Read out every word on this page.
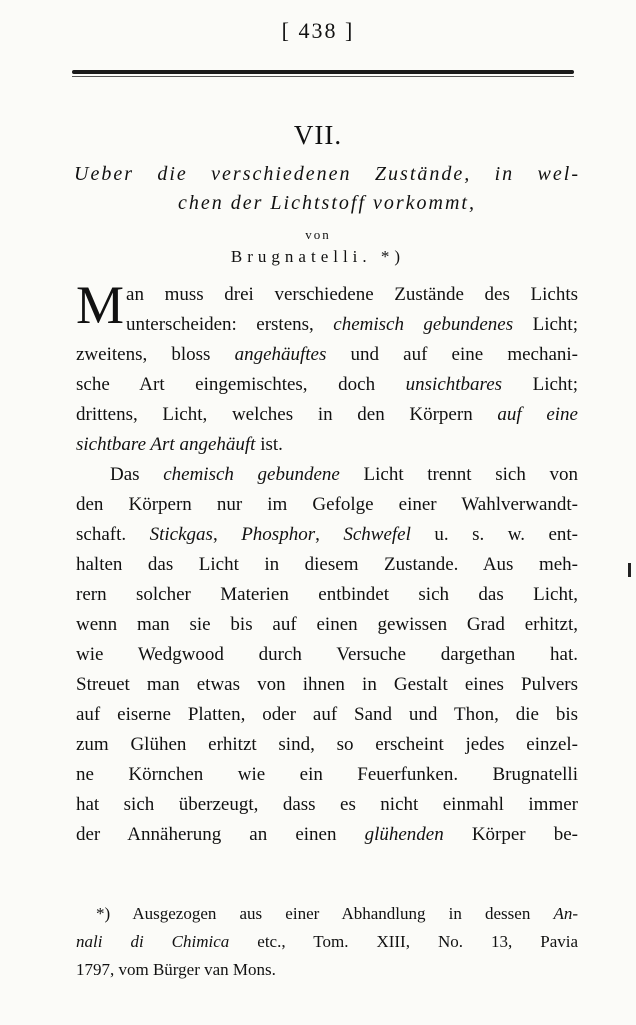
[ 438 ]
VII.
Ueber die verschiedenen Zustände, in wel-
chen der Lichtstoff vorkommt,
von
Brugnatelli. *)
M an muss drei verschiedene Zustände des Lichts
unterscheiden: erstens, chemisch gebundenes Licht;
zweitens, bloss angehäuftes und auf eine mechani-
sche Art eingemischtes, doch unsichtbares Licht;
drittens, Licht, welches in den Körpern auf eine
sichtbare Art angehäuft ist.
Das chemisch gebundene Licht trennt sich von
den Körpern nur im Gefolge einer Wahlverwandt-
schaft. Stickgas, Phosphor, Schwefel u. s. w. ent-
halten das Licht in diesem Zustande. Aus meh-
rern solcher Materien entbindet sich das Licht,
wenn man sie bis auf einen gewissen Grad erhitzt,
wie Wedgwood durch Versuche dargethan hat.
Streuet man etwas von ihnen in Gestalt eines Pulvers
auf eiserne Platten, oder auf Sand und Thon, die bis
zum Glühen erhitzt sind, so erscheint jedes einzel-
ne Körnchen wie ein Feuerfunken. Brugnatelli
hat sich überzeugt, dass es nicht einmahl immer
der Annäherung an einen glühenden Körper be-
*) Ausgezogen aus einer Abhandlung in dessen An-
nali di Chimica etc., Tom. XIII, No. 13, Pavia
1797, vom Bürger van Mons.
